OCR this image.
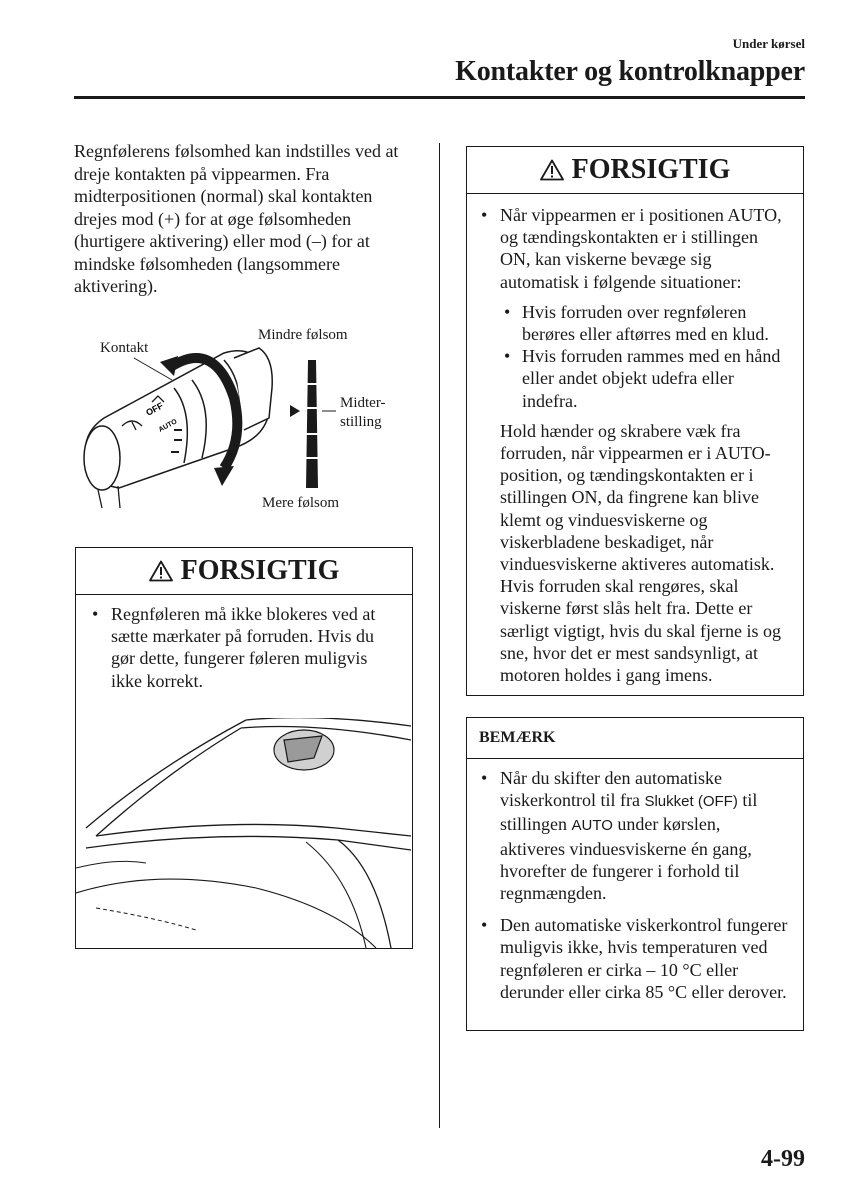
Under kørsel
Kontakter og kontrolknapper

Regnfølerens følsomhed kan indstilles ved at dreje kontakten på vippearmen. Fra midterpositionen (normal) skal kontakten drejes mod (+) for at øge følsomheden (hurtigere aktivering) eller mod (–) for at mindske følsomheden (langsommere aktivering).

OFF
AUTO
Kontakt
Mindre følsom
Midter-
stilling
Mere følsom
FORSIGTIG
• Regnføleren må ikke blokeres ved at sætte mærkater på forruden. Hvis du gør dette, fungerer føleren muligvis ikke korrekt.
FORSIGTIG
• Når vippearmen er i positionen AUTO, og tændingskontakten er i stillingen ON, kan viskerne bevæge sig automatisk i følgende situationer:
• Hvis forruden over regnføleren berøres eller aftørres med en klud.
• Hvis forruden rammes med en hånd eller andet objekt udefra eller indefra.

Hold hænder og skrabere væk fra forruden, når vippearmen er i AUTO-position, og tændingskontakten er i stillingen ON, da fingrene kan blive klemt og vinduesviskerne og viskerbladene beskadiget, når vinduesviskerne aktiveres automatisk. Hvis forruden skal rengøres, skal viskerne først slås helt fra. Dette er særligt vigtigt, hvis du skal fjerne is og sne, hvor det er mest sandsynligt, at motoren holdes i gang imens.

BEMÆRK
• Når du skifter den automatiske viskerkontrol til fra Slukket (OFF) til stillingen AUTO under kørslen, aktiveres vinduesviskerne én gang, hvorefter de fungerer i forhold til regnmængden.
• Den automatiske viskerkontrol fungerer muligvis ikke, hvis temperaturen ved regnføleren er cirka – 10 °C eller derunder eller cirka 85 °C eller derover.
4-99
